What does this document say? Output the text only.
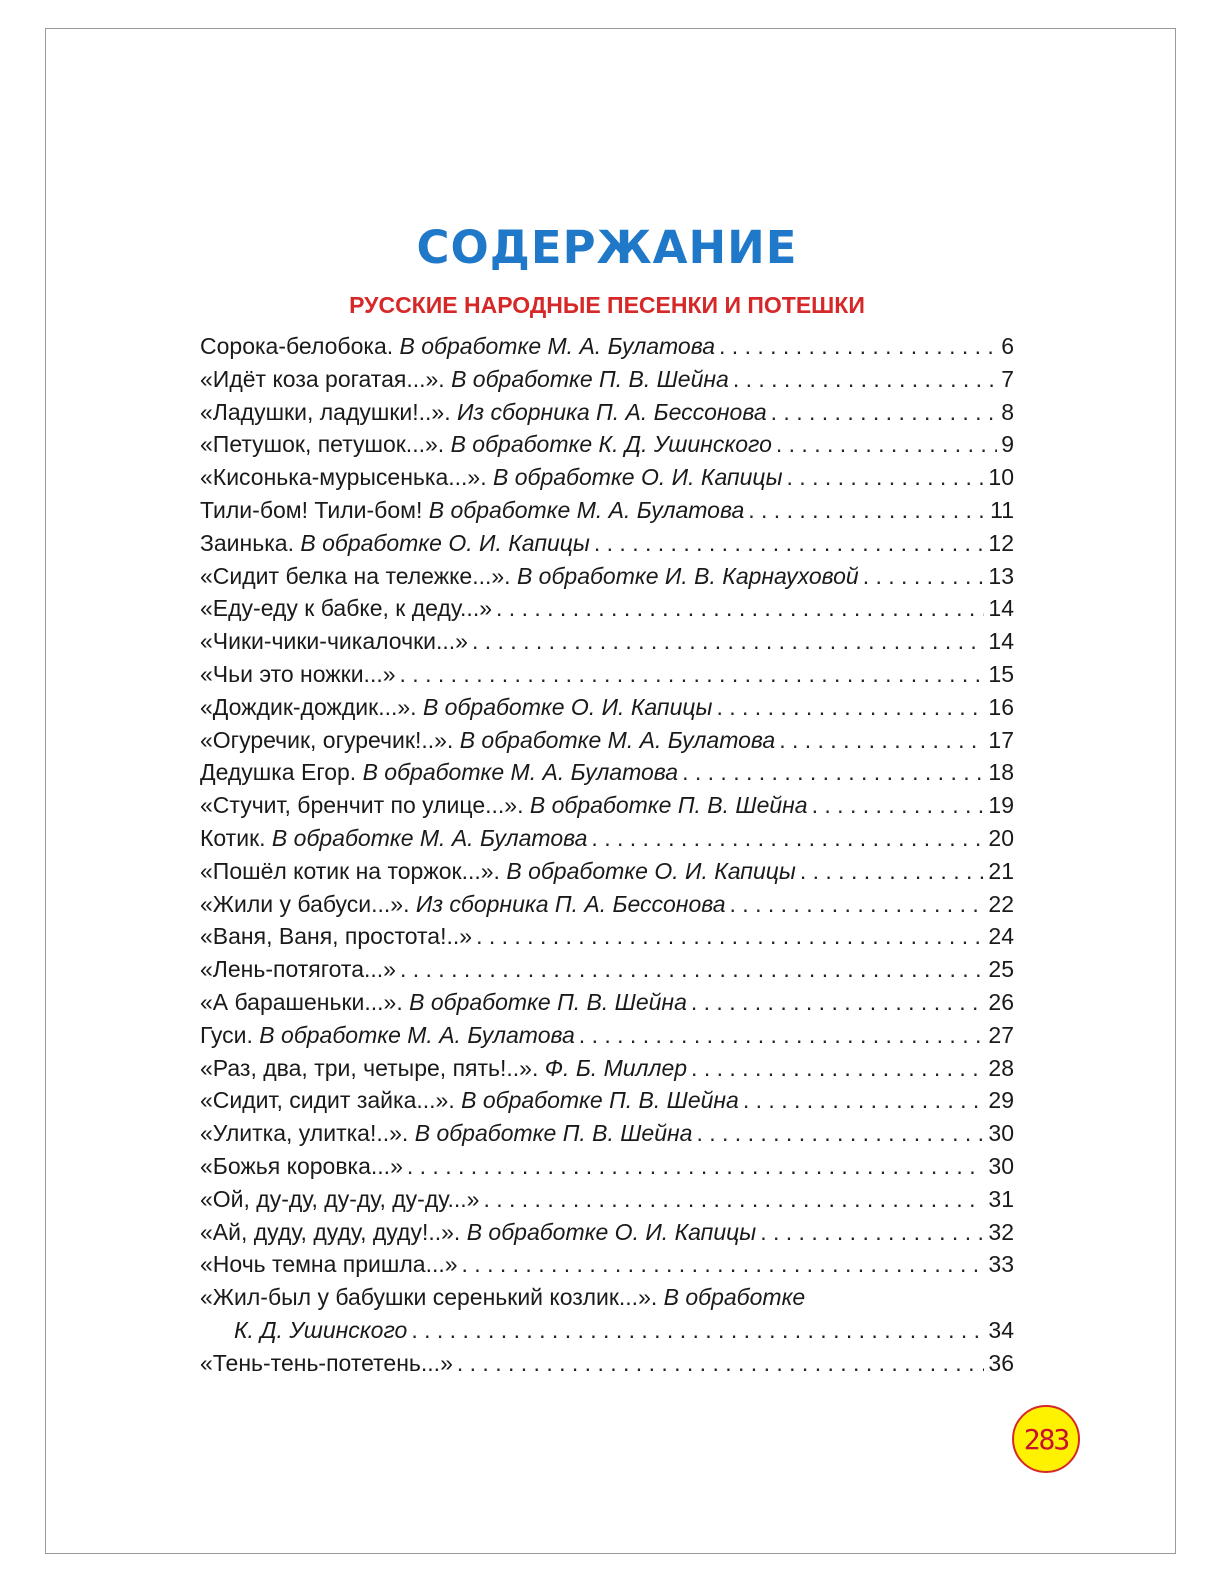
СОДЕРЖАНИЕ
РУССКИЕ НАРОДНЫЕ ПЕСЕНКИ И ПОТЕШКИ
Сорока-белобока. В обработке М. А. Булатова . . .	6
«Идёт коза рогатая...». В обработке П. В. Шейна . . .	7
«Ладушки, ладушки!..». Из сборника П. А. Бессонова . . .	8
«Петушок, петушок...». В обработке К. Д. Ушинского . . .	9
«Кисонька-мурысенька...». В обработке О. И. Капицы . . .	10
Тили-бом! Тили-бом! В обработке М. А. Булатова . . .	11
Заинька. В обработке О. И. Капицы . . .	12
«Сидит белка на тележке...». В обработке И. В. Карнауховой . . .	13
«Еду-еду к бабке, к деду...» . . .	14
«Чики-чики-чикалочки...» . . .	14
«Чьи это ножки...» . . .	15
«Дождик-дождик...». В обработке О. И. Капицы . . .	16
«Огуречик, огуречик!..». В обработке М. А. Булатова . . .	17
Дедушка Егор. В обработке М. А. Булатова . . .	18
«Стучит, бренчит по улице...». В обработке П. В. Шейна . . .	19
Котик. В обработке М. А. Булатова . . .	20
«Пошёл котик на торжок...». В обработке О. И. Капицы . . .	21
«Жили у бабуси...». Из сборника П. А. Бессонова . . .	22
«Ваня, Ваня, простота!..» . . .	24
«Лень-потягота...» . . .	25
«А барашеньки...». В обработке П. В. Шейна . . .	26
Гуси. В обработке М. А. Булатова . . .	27
«Раз, два, три, четыре, пять!..». Ф. Б. Миллер . . .	28
«Сидит, сидит зайка...». В обработке П. В. Шейна . . .	29
«Улитка, улитка!..». В обработке П. В. Шейна . . .	30
«Божья коровка...» . . .	30
«Ой, ду-ду, ду-ду, ду-ду...» . . .	31
«Ай, дуду, дуду, дуду!..». В обработке О. И. Капицы . . .	32
«Ночь темна пришла...» . . .	33
«Жил-был у бабушки серенький козлик...». В обработке
К. Д. Ушинского . . .	34
«Тень-тень-потетень...» . . .	36
283
